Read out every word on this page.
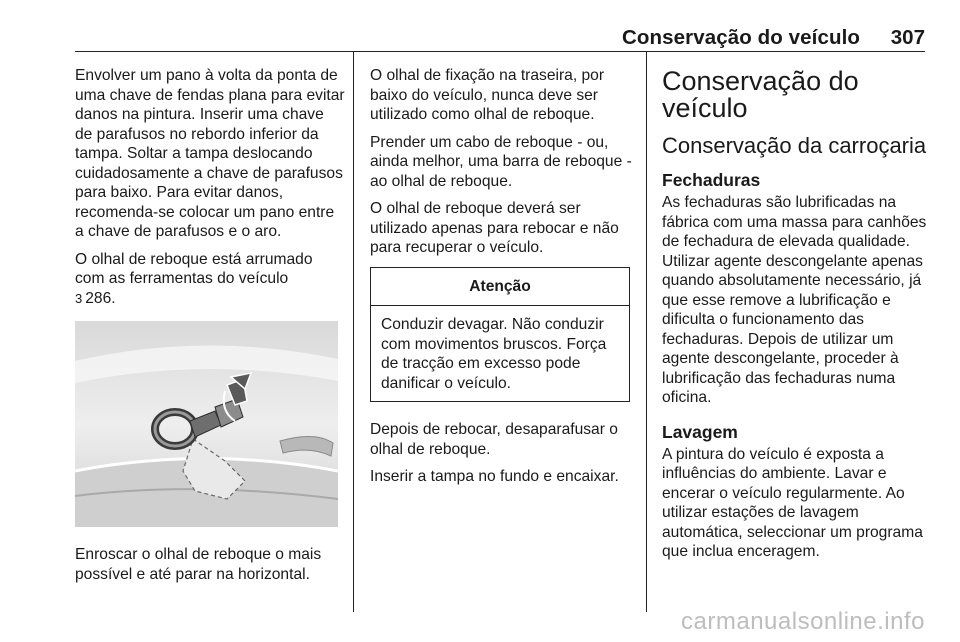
Conservação do veículo	307

Envolver um pano à volta da ponta de uma chave de fendas plana para evitar danos na pintura. Inserir uma chave de parafusos no rebordo inferior da tampa. Soltar a tampa deslocando cuidadosamente a chave de parafusos para baixo. Para evitar danos, recomenda-se colocar um pano entre a chave de parafusos e o aro.

O olhal de reboque está arrumado com as ferramentas do veículo
3 286.

Enroscar o olhal de reboque o mais possível e até parar na horizontal.

O olhal de fixação na traseira, por baixo do veículo, nunca deve ser utilizado como olhal de reboque.

Prender um cabo de reboque - ou, ainda melhor, uma barra de reboque - ao olhal de reboque.

O olhal de reboque deverá ser utilizado apenas para rebocar e não para recuperar o veículo.

Atenção
Conduzir devagar. Não conduzir com movimentos bruscos. Força de tracção em excesso pode danificar o veículo.

Depois de rebocar, desaparafusar o olhal de reboque.

Inserir a tampa no fundo e encaixar.

Conservação do veículo
Conservação da carroçaria
Fechaduras

As fechaduras são lubrificadas na fábrica com uma massa para canhões de fechadura de elevada qualidade. Utilizar agente descongelante apenas quando absolutamente necessário, já que esse remove a lubrificação e dificulta o funcionamento das fechaduras. Depois de utilizar um agente descongelante, proceder à lubrificação das fechaduras numa oficina.

Lavagem

A pintura do veículo é exposta a influências do ambiente. Lavar e encerar o veículo regularmente. Ao utilizar estações de lavagem automática, seleccionar um programa que inclua enceragem.

carmanualsonline.info
